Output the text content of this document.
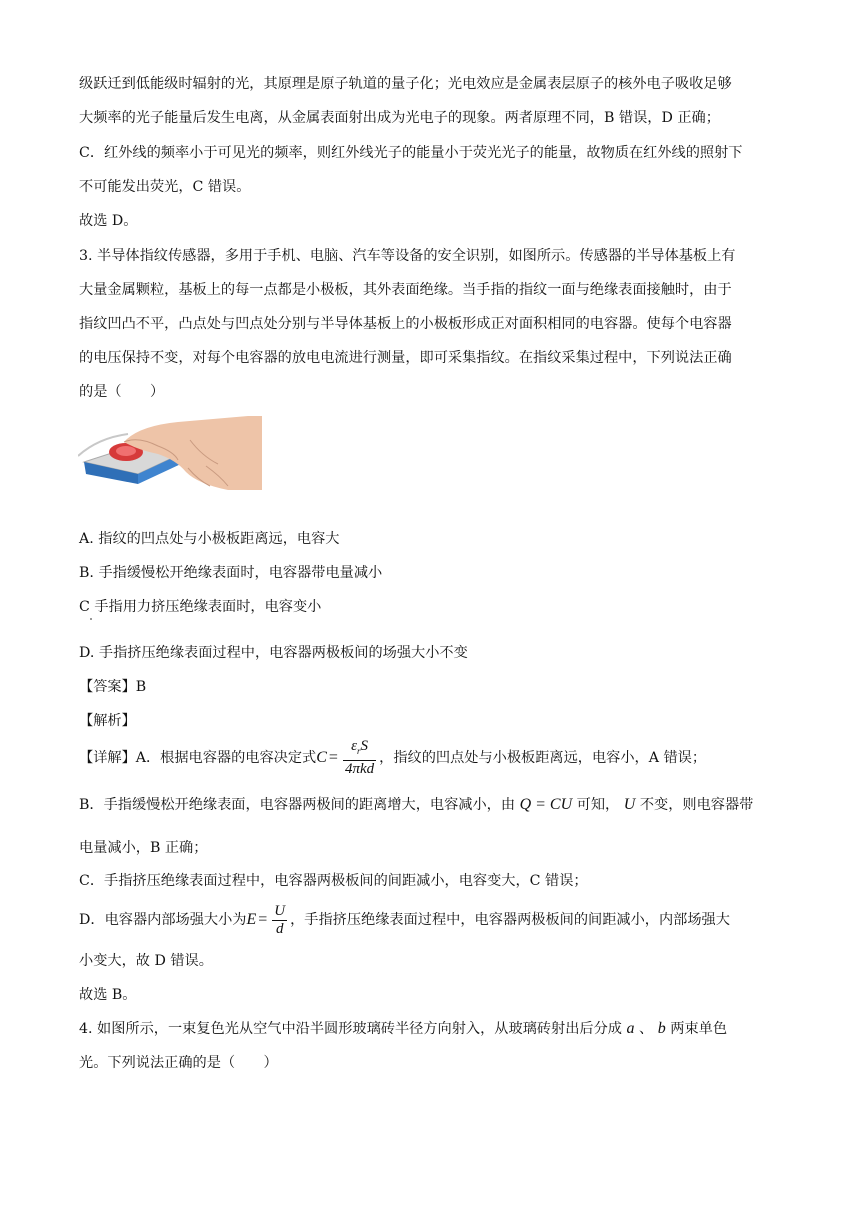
级跃迁到低能级时辐射的光，其原理是原子轨道的量子化；光电效应是金属表层原子的核外电子吸收足够
大频率的光子能量后发生电离，从金属表面射出成为光电子的现象。两者原理不同，B 错误，D 正确；
C．红外线的频率小于可见光的频率，则红外线光子的能量小于荧光光子的能量，故物质在红外线的照射下
不可能发出荧光，C 错误。
故选 D。
3. 半导体指纹传感器，多用于手机、电脑、汽车等设备的安全识别，如图所示。传感器的半导体基板上有
大量金属颗粒，基板上的每一点都是小极板，其外表面绝缘。当手指的指纹一面与绝缘表面接触时，由于
指纹凹凸不平，凸点处与凹点处分别与半导体基板上的小极板形成正对面积相同的电容器。使每个电容器
的电压保持不变，对每个电容器的放电电流进行测量，即可采集指纹。在指纹采集过程中，下列说法正确
的是（　　）
A. 指纹的凹点处与小极板距离远，电容大
B. 手指缓慢松开绝缘表面时，电容器带电量减小
C 手指用力挤压绝缘表面时，电容变小
D. 手指挤压绝缘表面过程中，电容器两极板间的场强大小不变
【答案】B
【解析】
【详解】A．根据电容器的电容决定式 $C = \frac{\varepsilon_rS}{\text{4πkd}}$ ，指纹的凹点处与小极板距离远，电容小，A 错误；
B．手指缓慢松开绝缘表面，电容器两极间的距离增大，电容减小，由 Q = CU 可知， U 不变，则电容器带
电量减小，B 正确；
C．手指挤压绝缘表面过程中，电容器两极板间的间距减小，电容变大，C 错误；
D．电容器内部场强大小为 $E = \frac{U}{d}$ ，手指挤压绝缘表面过程中，电容器两极板间的间距减小，内部场强大
小变大，故 D 错误。
故选 B。
4. 如图所示，一束复色光从空气中沿半圆形玻璃砖半径方向射入，从玻璃砖射出后分成 a 、 b 两束单色
光。下列说法正确的是（　　）
